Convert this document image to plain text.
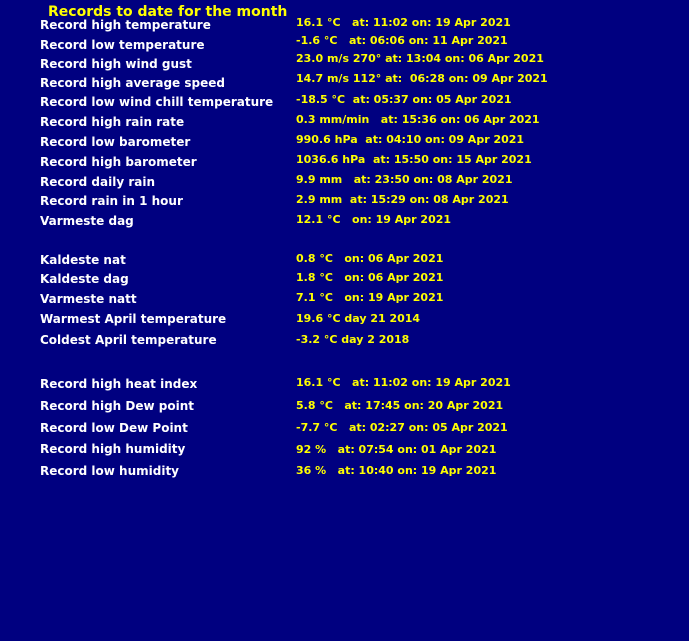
Records to date for the month
Record high temperature	16.1 °C   at: 11:02 on: 19 Apr 2021
Record low temperature	-1.6 °C   at: 06:06 on: 11 Apr 2021
Record high wind gust	23.0 m/s 270° at: 13:04 on: 06 Apr 2021
Record high average speed	14.7 m/s 112° at:  06:28 on: 09 Apr 2021
Record low wind chill temperature -18.5 °C  at: 05:37 on: 05 Apr 2021
Record high rain rate	0.3 mm/min   at: 15:36 on: 06 Apr 2021
Record low barometer	990.6 hPa  at: 04:10 on: 09 Apr 2021
Record high barometer	1036.6 hPa  at: 15:50 on: 15 Apr 2021
Record daily rain	9.9 mm   at: 23:50 on: 08 Apr 2021
Record rain in 1 hour	2.9 mm  at: 15:29 on: 08 Apr 2021
Varmeste dag	12.1 °C   on: 19 Apr 2021
Kaldeste nat	0.8 °C   on: 06 Apr 2021
Kaldeste dag	1.8 °C   on: 06 Apr 2021
Varmeste natt	7.1 °C   on: 19 Apr 2021
Warmest April temperature	19.6 °C day 21 2014
Coldest April temperature	-3.2 °C day 2 2018
Record high heat index	16.1 °C   at: 11:02 on: 19 Apr 2021
Record high Dew point	5.8 °C   at: 17:45 on: 20 Apr 2021
Record low Dew Point	-7.7 °C   at: 02:27 on: 05 Apr 2021
Record high humidity	92 %   at: 07:54 on: 01 Apr 2021
Record low humidity	36 %   at: 10:40 on: 19 Apr 2021
